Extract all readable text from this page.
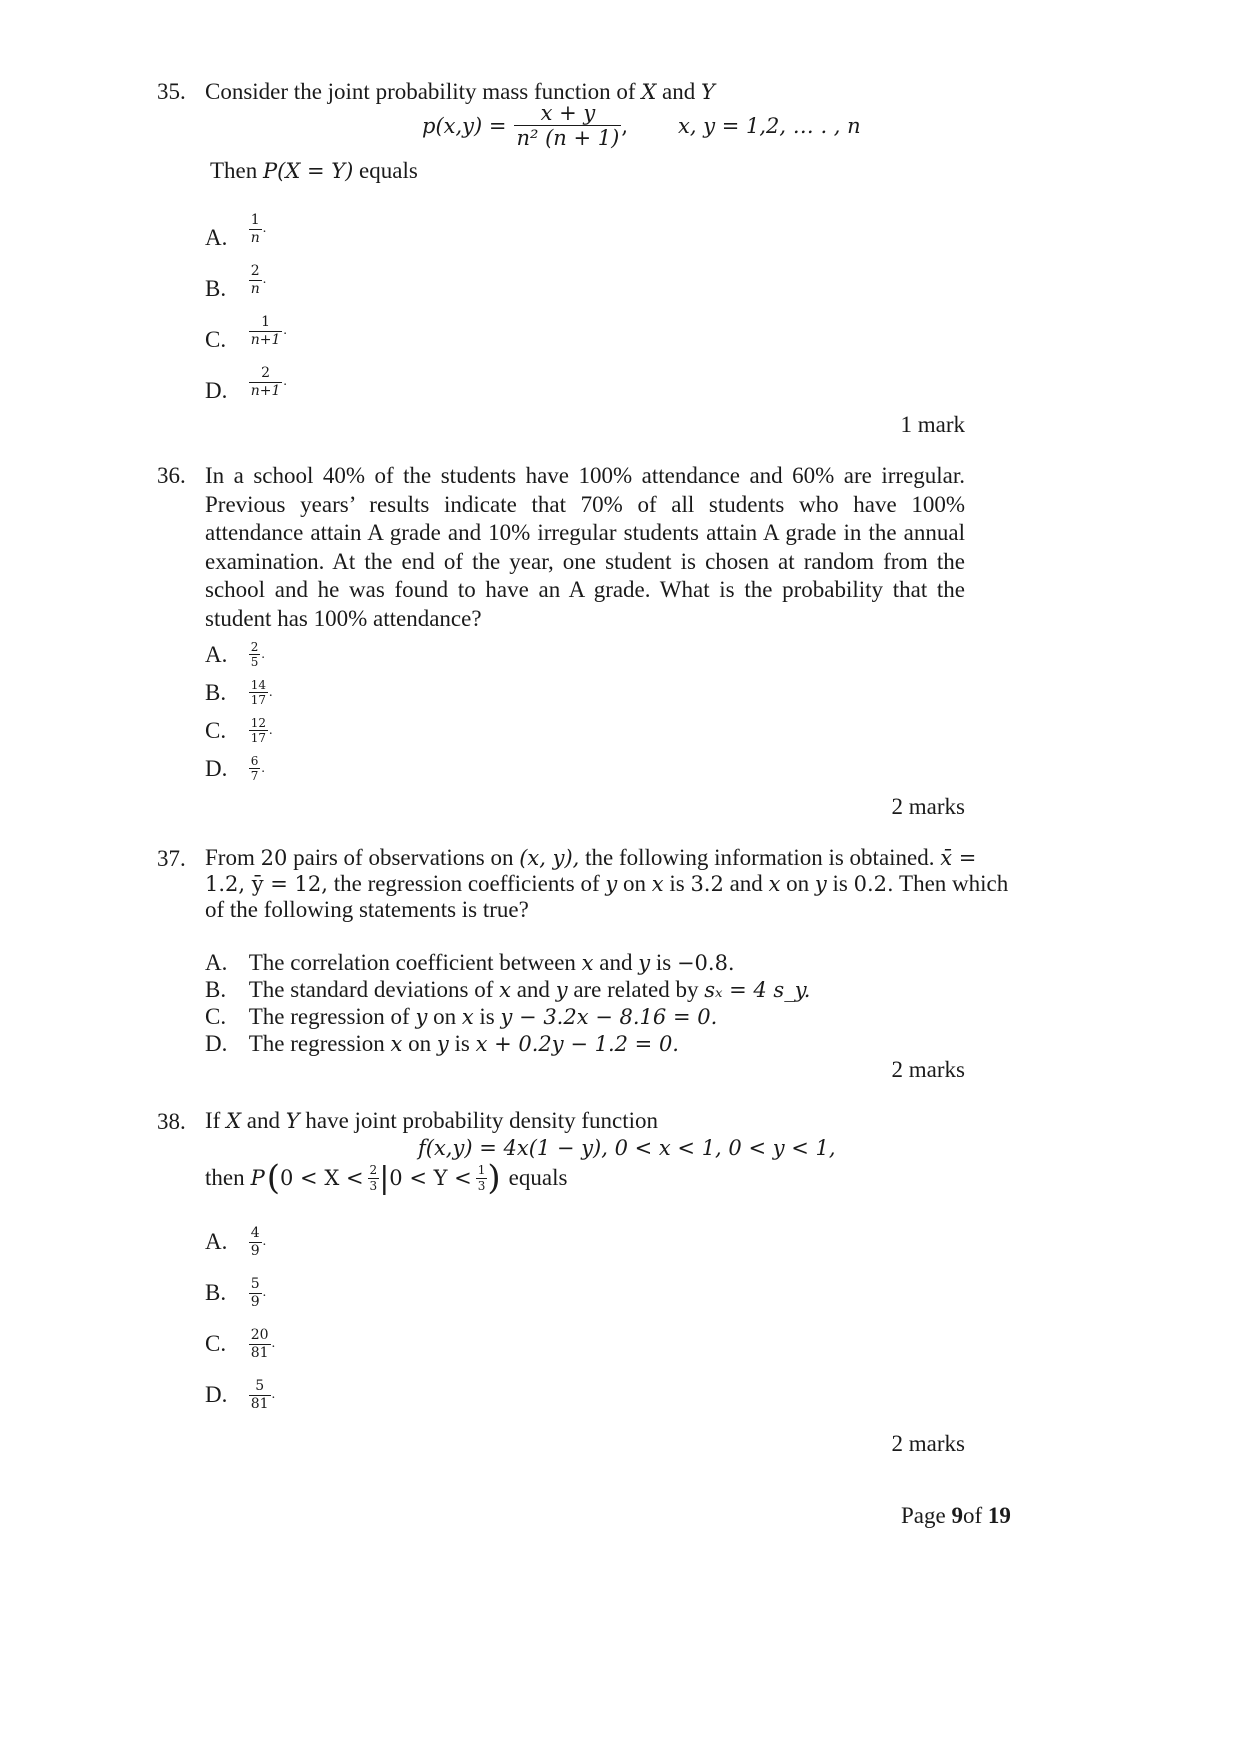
35. Consider the joint probability mass function of X and Y
$p(x,y) = \frac{x + y}{\text{n² (n + 1)}}$ , x, y = 1,2, … . , n
Then P(X = Y) equals
A. $\frac{1}{n}$ .
B. $\frac{2}{n}$ .
C. $\frac{1}{n+1}$ .
D. $\frac{2}{n+1}$ .
1 mark
36. In a school 40% of the students have 100% attendance and 60% are irregular. Previous years’ results indicate that 70% of all students who have 100% attendance attain A grade and 10% irregular students attain A grade in the annual examination. At the end of the year, one student is chosen at random from the school and he was found to have an A grade. What is the probability that the student has 100% attendance?
A. $\frac{2}{5}$ .
B. $\frac{14}{17}$ .
C. $\frac{12}{17}$ .
D. $\frac{6}{7}$ .
2 marks
37. From 20 pairs of observations on (x, y), the following information is obtained. x̄ =
1.2, ȳ = 12, the regression coefficients of y on x is 3.2 and x on y is 0.2. Then which
of the following statements is true?
A. The correlation coefficient between x and y is −0.8.
B. The standard deviations of x and y are related by sₓ = 4 s_y.
C. The regression of y on x is y − 3.2x − 8.16 = 0.
D. The regression x on y is x + 0.2y − 1.2 = 0.
2 marks
38. If X and Y have joint probability density function
f(x,y) = 4x(1 − y), 0 < x < 1, 0 < y < 1,
then P ( $0 < X < \frac{2}{3}$ | $0 < Y < \frac{1}{3}$ ) equals
A. $\frac{4}{9}$ .
B. $\frac{5}{9}$ .
C. $\frac{20}{81}$ .
D. $\frac{5}{81}$ .
2 marks
Page 9of 19
